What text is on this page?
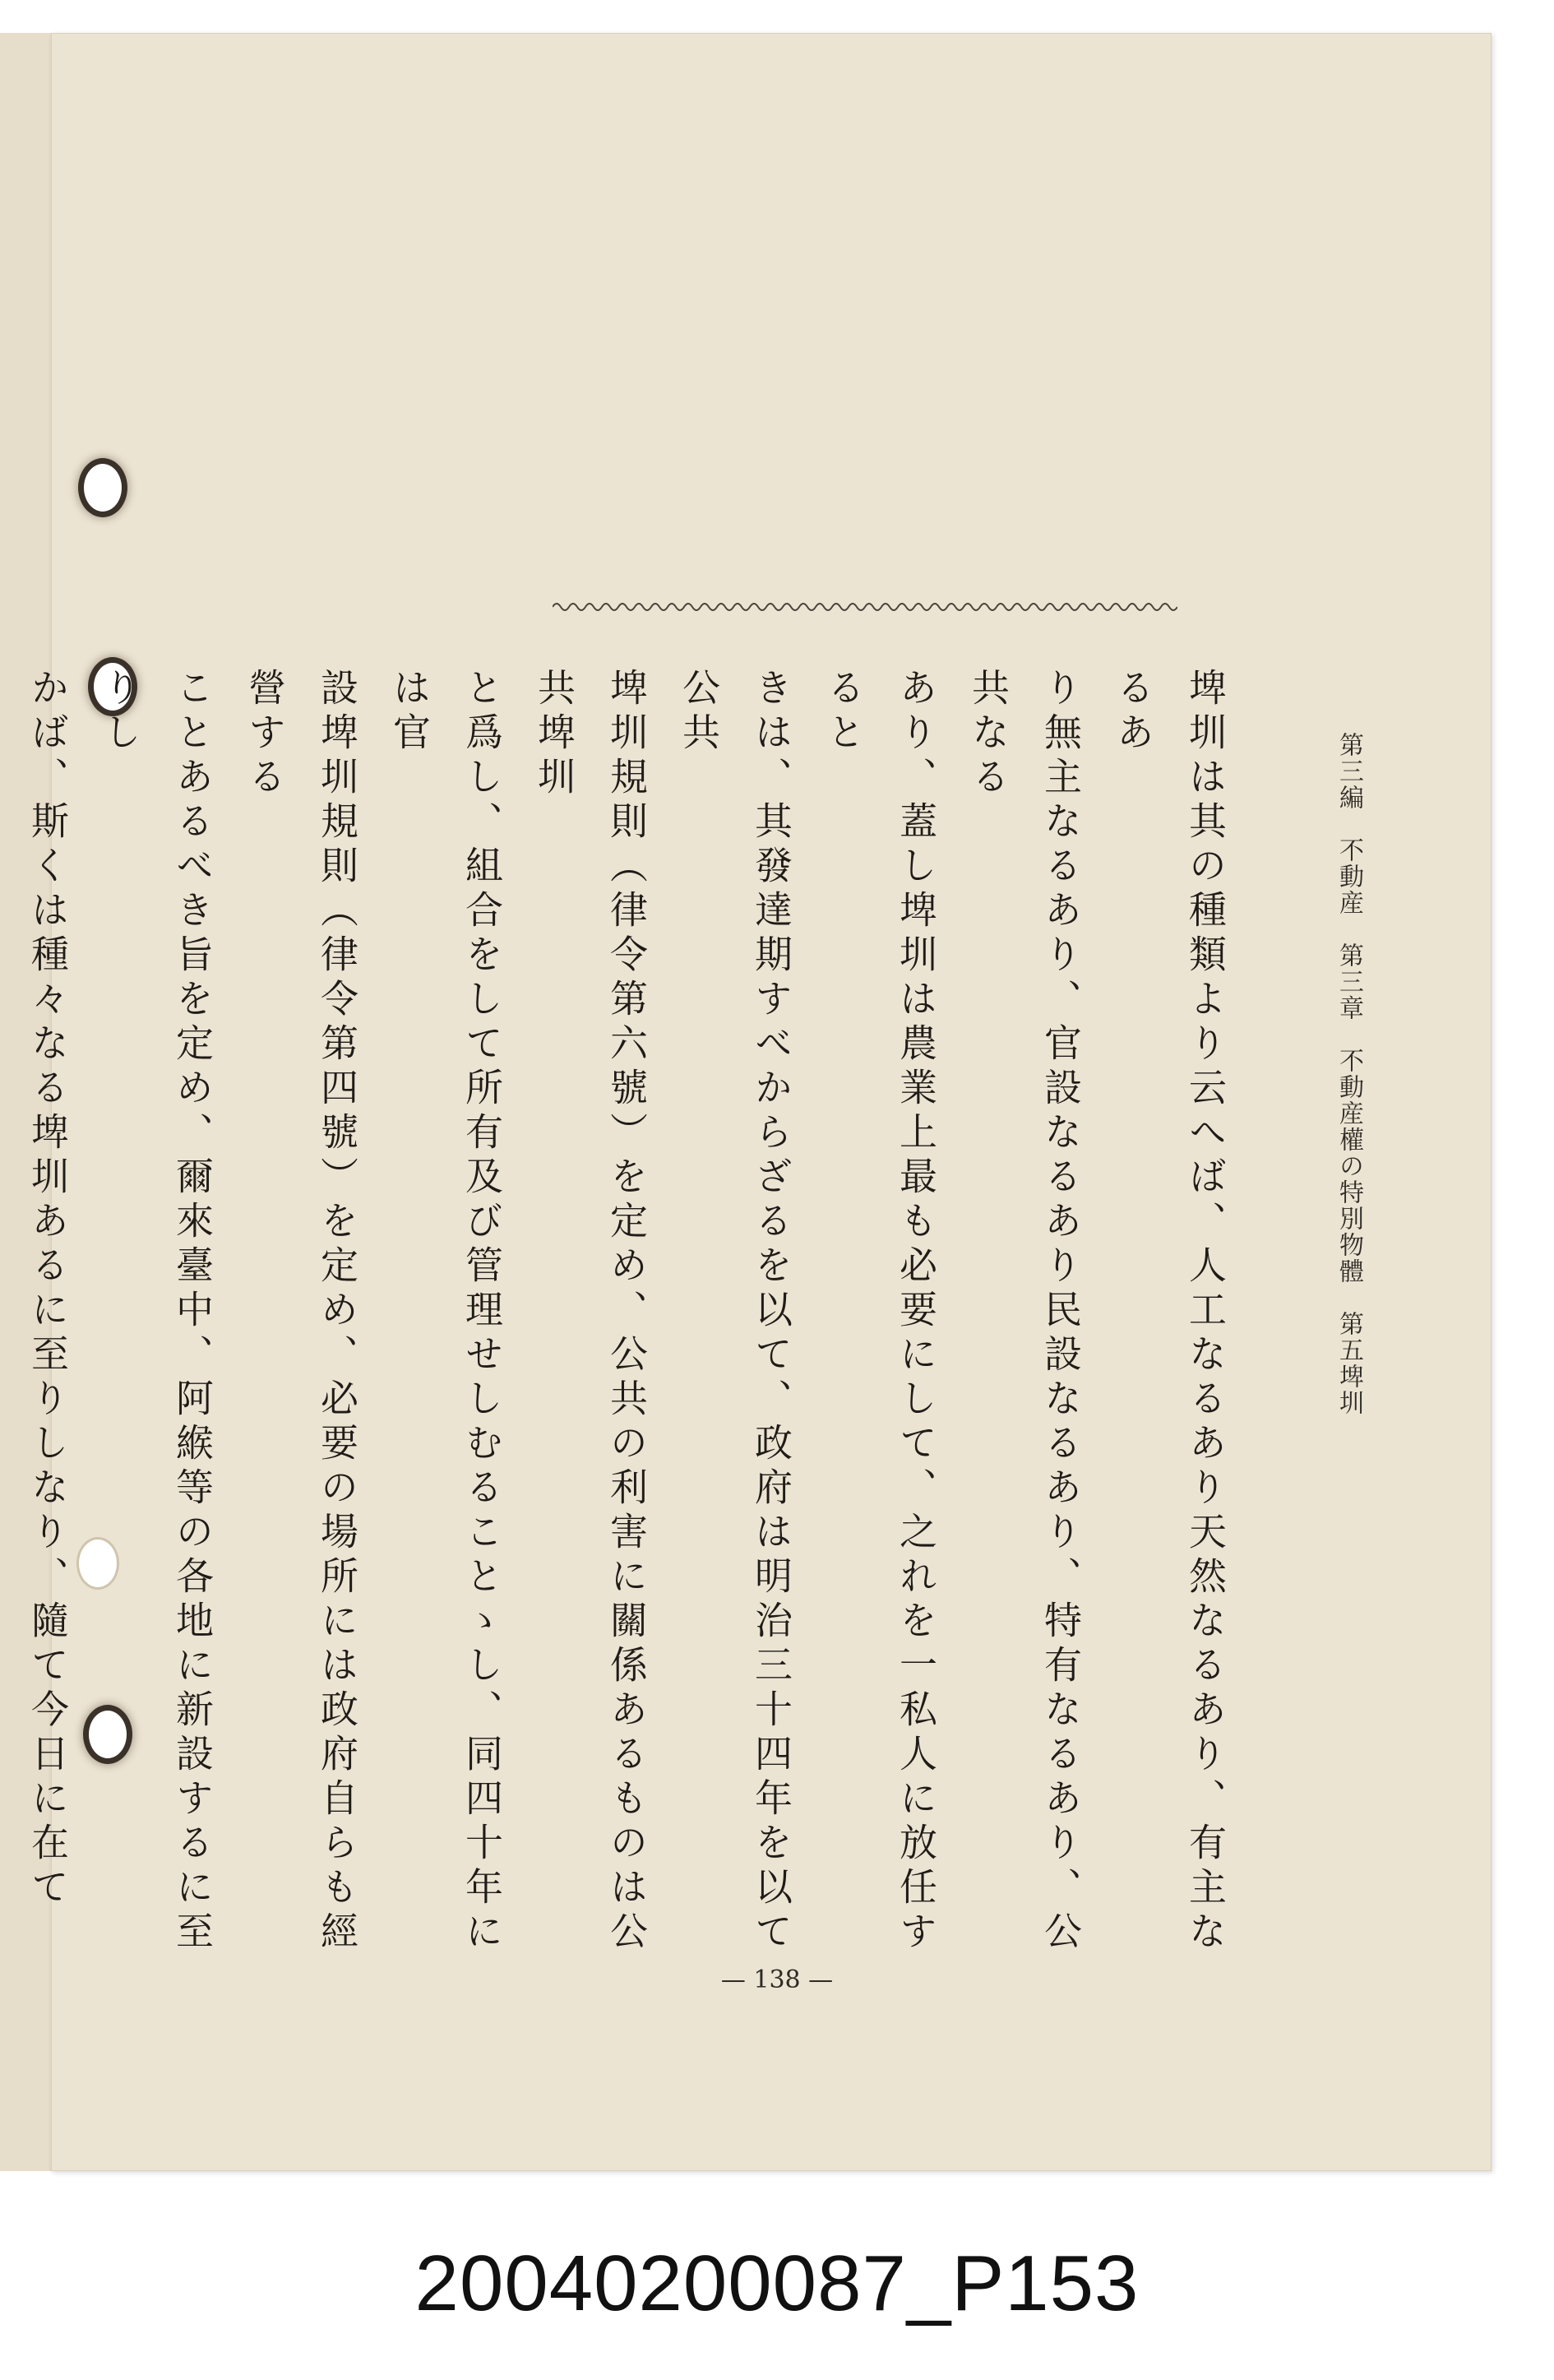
第三編　不動産　第三章　不動産權の特別物體　第五埤圳
埤圳は其の種類より云へば、人工なるあり天然なるあり、有主なるあ
り無主なるあり、官設なるあり民設なるあり、特有なるあり、公共なる
あり、蓋し埤圳は農業上最も必要にして、之れを一私人に放任すると
きは、其發達期すべからざるを以て、政府は明治三十四年を以て公共
埤圳規則（律令第六號）を定め、公共の利害に關係あるものは公共埤圳
と爲し、組合をして所有及び管理せしむることゝし、同四十年には官
設埤圳規則（律令第四號）を定め、必要の場所には政府自らも經營する
ことあるべき旨を定め、爾來臺中、阿緱等の各地に新設するに至りし
かば、斯くは種々なる埤圳あるに至りしなり、隨て今日に在て
— 138 —
20040200087_P153
